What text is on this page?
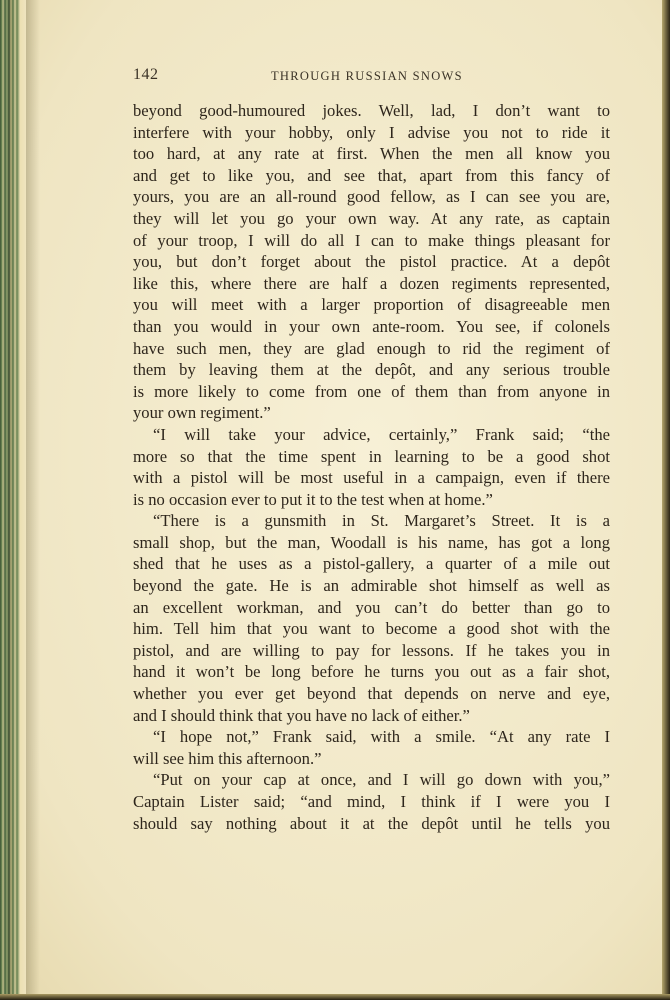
142	THROUGH RUSSIAN SNOWS
beyond good-humoured jokes. Well, lad, I don’t want to
interfere with your hobby, only I advise you not to ride it
too hard, at any rate at first. When the men all know you
and get to like you, and see that, apart from this fancy of
yours, you are an all-round good fellow, as I can see you are,
they will let you go your own way. At any rate, as captain
of your troop, I will do all I can to make things pleasant for
you, but don’t forget about the pistol practice. At a depôt
like this, where there are half a dozen regiments represented,
you will meet with a larger proportion of disagreeable men
than you would in your own ante-room. You see, if colonels
have such men, they are glad enough to rid the regiment of
them by leaving them at the depôt, and any serious trouble
is more likely to come from one of them than from anyone in
your own regiment.”
“I will take your advice, certainly,” Frank said; “the
more so that the time spent in learning to be a good shot
with a pistol will be most useful in a campaign, even if there
is no occasion ever to put it to the test when at home.”
“There is a gunsmith in St. Margaret’s Street. It is a
small shop, but the man, Woodall is his name, has got a long
shed that he uses as a pistol-gallery, a quarter of a mile out
beyond the gate. He is an admirable shot himself as well as
an excellent workman, and you can’t do better than go to
him. Tell him that you want to become a good shot with the
pistol, and are willing to pay for lessons. If he takes you in
hand it won’t be long before he turns you out as a fair shot,
whether you ever get beyond that depends on nerve and eye,
and I should think that you have no lack of either.”
“I hope not,” Frank said, with a smile. “At any rate I
will see him this afternoon.”
“Put on your cap at once, and I will go down with you,”
Captain Lister said; “and mind, I think if I were you I
should say nothing about it at the depôt until he tells you
